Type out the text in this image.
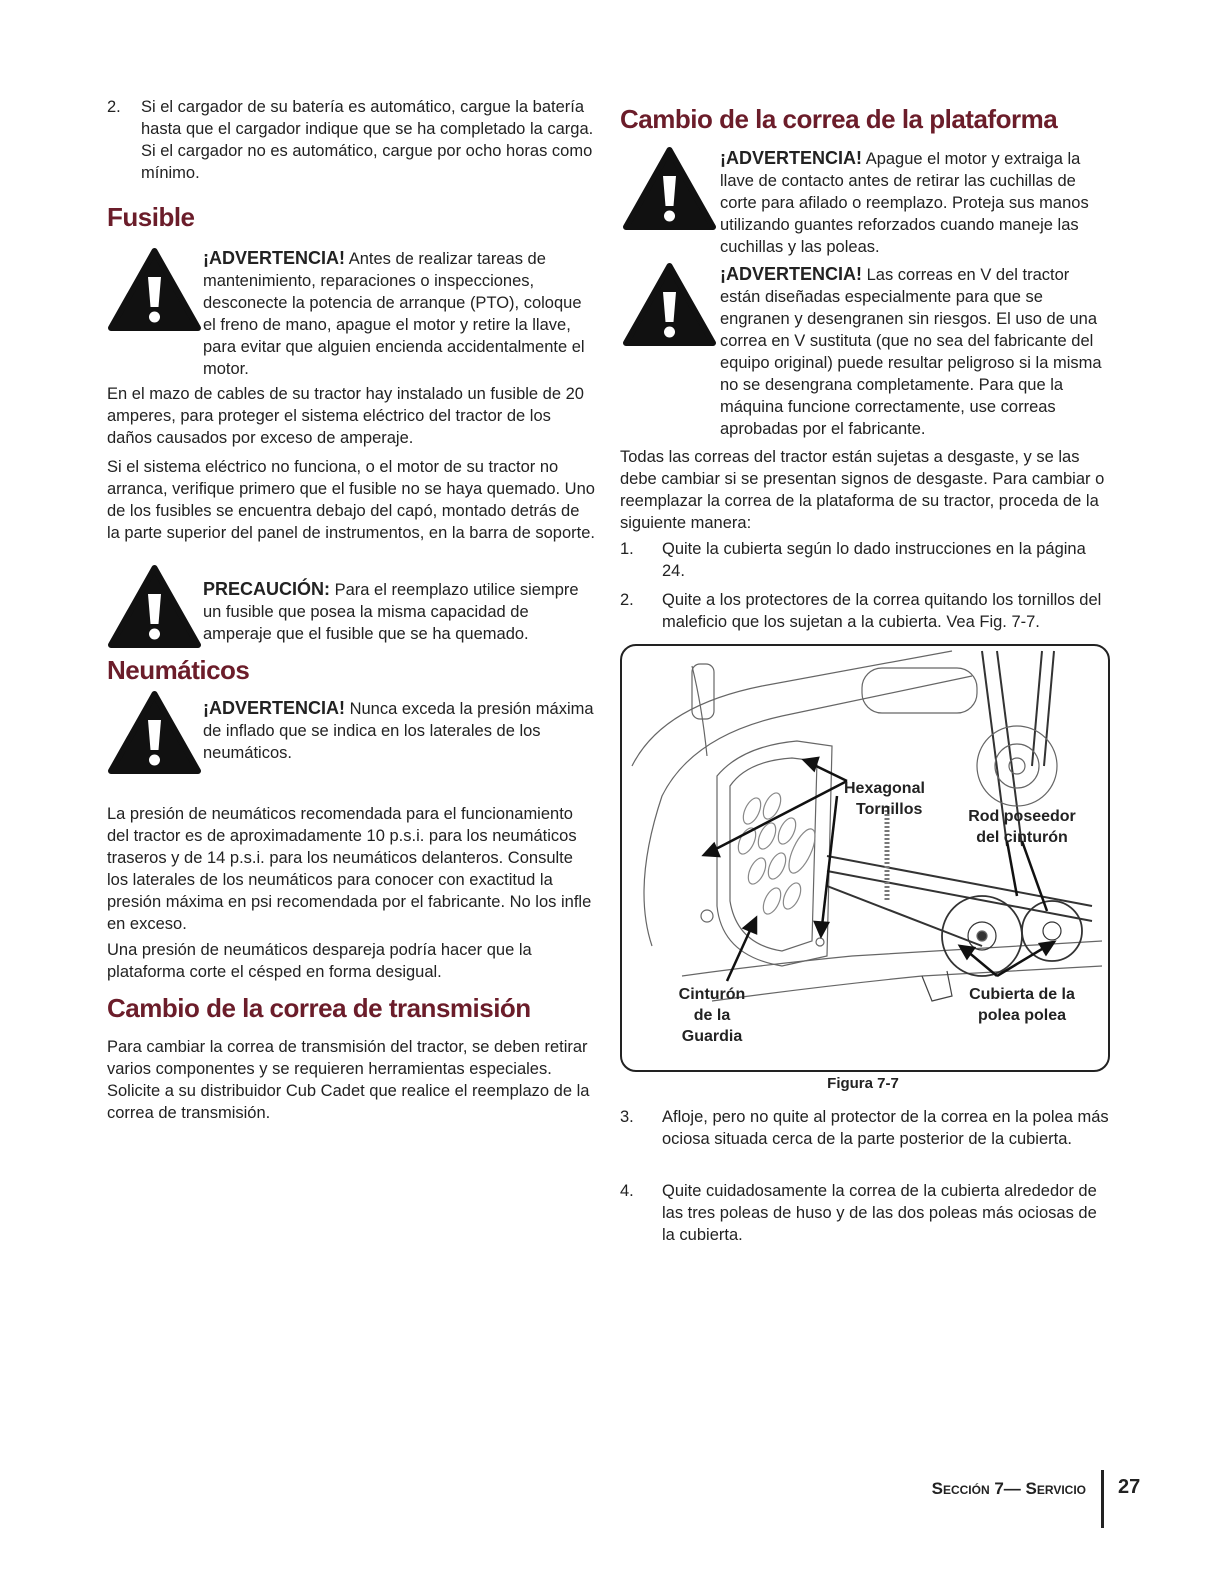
2. Si el cargador de su batería es automático, cargue la batería hasta que el cargador indique que se ha completado la carga. Si el cargador no es automático, cargue por ocho horas como mínimo.

Fusible

¡ADVERTENCIA! Antes de realizar tareas de mantenimiento, reparaciones o inspecciones, desconecte la potencia de arranque (PTO), coloque el freno de mano, apague el motor y retire la llave, para evitar que alguien encienda accidentalmente el motor.

En el mazo de cables de su tractor hay instalado un fusible de 20 amperes, para proteger el sistema eléctrico del tractor de los daños causados por exceso de amperaje.

Si el sistema eléctrico no funciona, o el motor de su tractor no arranca, verifique primero que el fusible no se haya quemado. Uno de los fusibles se encuentra debajo del capó, montado detrás de la parte superior del panel de instrumentos, en la barra de soporte.

PRECAUCIÓN: Para el reemplazo utilice siempre un fusible que posea la misma capacidad de amperaje que el fusible que se ha quemado.

Neumáticos

¡ADVERTENCIA! Nunca exceda la presión máxima de inflado que se indica en los laterales de los neumáticos.

La presión de neumáticos recomendada para el funcionamiento del tractor es de aproximadamente 10 p.s.i. para los neumáticos traseros y de 14 p.s.i. para los neumáticos delanteros. Consulte los laterales de los neumáticos para conocer con exactitud la presión máxima en psi recomendada por el fabricante. No los infle en exceso.

Una presión de neumáticos despareja podría hacer que la plataforma corte el césped en forma desigual.

Cambio de la correa de transmisión

Para cambiar la correa de transmisión del tractor, se deben retirar varios componentes y se requieren herramientas especiales. Solicite a su distribuidor Cub Cadet que realice el reemplazo de la correa de transmisión.

Cambio de la correa de la plataforma

¡ADVERTENCIA! Apague el motor y extraiga la llave de contacto antes de retirar las cuchillas de corte para afilado o reemplazo. Proteja sus manos utilizando guantes reforzados cuando maneje las cuchillas y las poleas.

¡ADVERTENCIA! Las correas en V del tractor están diseñadas especialmente para que se engranen y desengranen sin riesgos. El uso de una correa en V sustituta (que no sea del fabricante del equipo original) puede resultar peligroso si la misma no se desengrana completamente. Para que la máquina funcione correctamente, use correas aprobadas por el fabricante.

Todas las correas del tractor están sujetas a desgaste, y se las debe cambiar si se presentan signos de desgaste. Para cambiar o reemplazar la correa de la plataforma de su tractor, proceda de la siguiente manera:

1. Quite la cubierta según lo dado instrucciones en la página 24.

2. Quite a los protectores de la correa quitando los tornillos del maleficio que los sujetan a la cubierta. Vea Fig. 7-7.

Hexagonal
Tornillos	Rod poseedor
del cinturón
Cinturón
de la
Guardia
Cubierta de la
polea polea

Figura 7-7

3. Afloje, pero no quite al protector de la correa en la polea más ociosa situada cerca de la parte posterior de la cubierta.

4. Quite cuidadosamente la correa de la cubierta alrededor de las tres poleas de huso y de las dos poleas más ociosas de la cubierta.

Sección 7— Servicio 27
